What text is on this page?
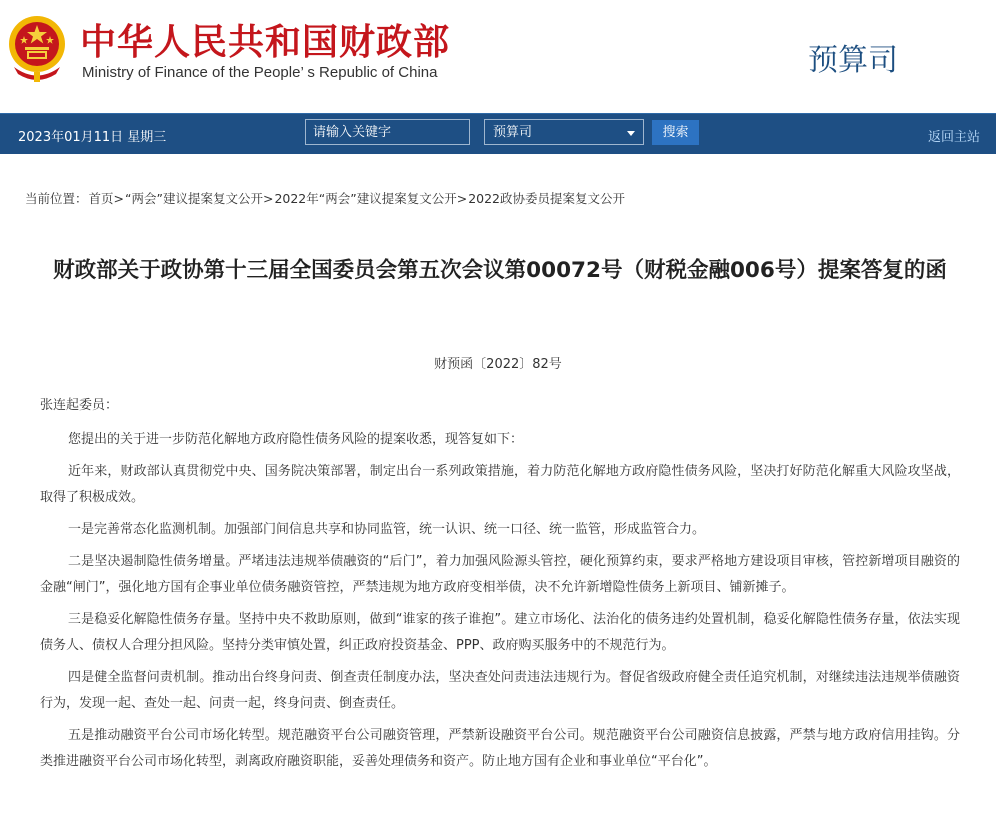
中华人民共和国财政部
Ministry of Finance of the People’ s Republic of China	预算司
2023年01月11日 星期三	请输入关键字	预算司	搜索	返回主站
当前位置：首页>“两会”建议提案复文公开>2022年“两会”建议提案复文公开>2022政协委员提案复文公开
财政部关于政协第十三届全国委员会第五次会议第00072号（财税金融006号）提案答复的函
财预函〔2022〕82号

张连起委员：

您提出的关于进一步防范化解地方政府隐性债务风险的提案收悉，现答复如下：

近年来，财政部认真贯彻党中央、国务院决策部署，制定出台一系列政策措施，着力防范化解地方政府隐性债务风险，坚决打好防范化解重大风险攻坚战，取得了积极成效。

一是完善常态化监测机制。加强部门间信息共享和协同监管，统一认识、统一口径、统一监管，形成监管合力。

二是坚决遏制隐性债务增量。严堵违法违规举债融资的“后门”，着力加强风险源头管控，硬化预算约束，要求严格地方建设项目审核，管控新增项目融资的金融“闸门”，强化地方国有企事业单位债务融资管控，严禁违规为地方政府变相举债，决不允许新增隐性债务上新项目、铺新摊子。

三是稳妥化解隐性债务存量。坚持中央不救助原则，做到“谁家的孩子谁抱”。建立市场化、法治化的债务违约处置机制，稳妥化解隐性债务存量，依法实现债务人、债权人合理分担风险。坚持分类审慎处置，纠正政府投资基金、PPP、政府购买服务中的不规范行为。

四是健全监督问责机制。推动出台终身问责、倒查责任制度办法，坚决查处问责违法违规行为。督促省级政府健全责任追究机制，对继续违法违规举债融资行为，发现一起、查处一起、问责一起，终身问责、倒查责任。

五是推动融资平台公司市场化转型。规范融资平台公司融资管理，严禁新设融资平台公司。规范融资平台公司融资信息披露，严禁与地方政府信用挂钩。分类推进融资平台公司市场化转型，剥离政府融资职能，妥善处理债务和资产。防止地方国有企业和事业单位“平台化”。
